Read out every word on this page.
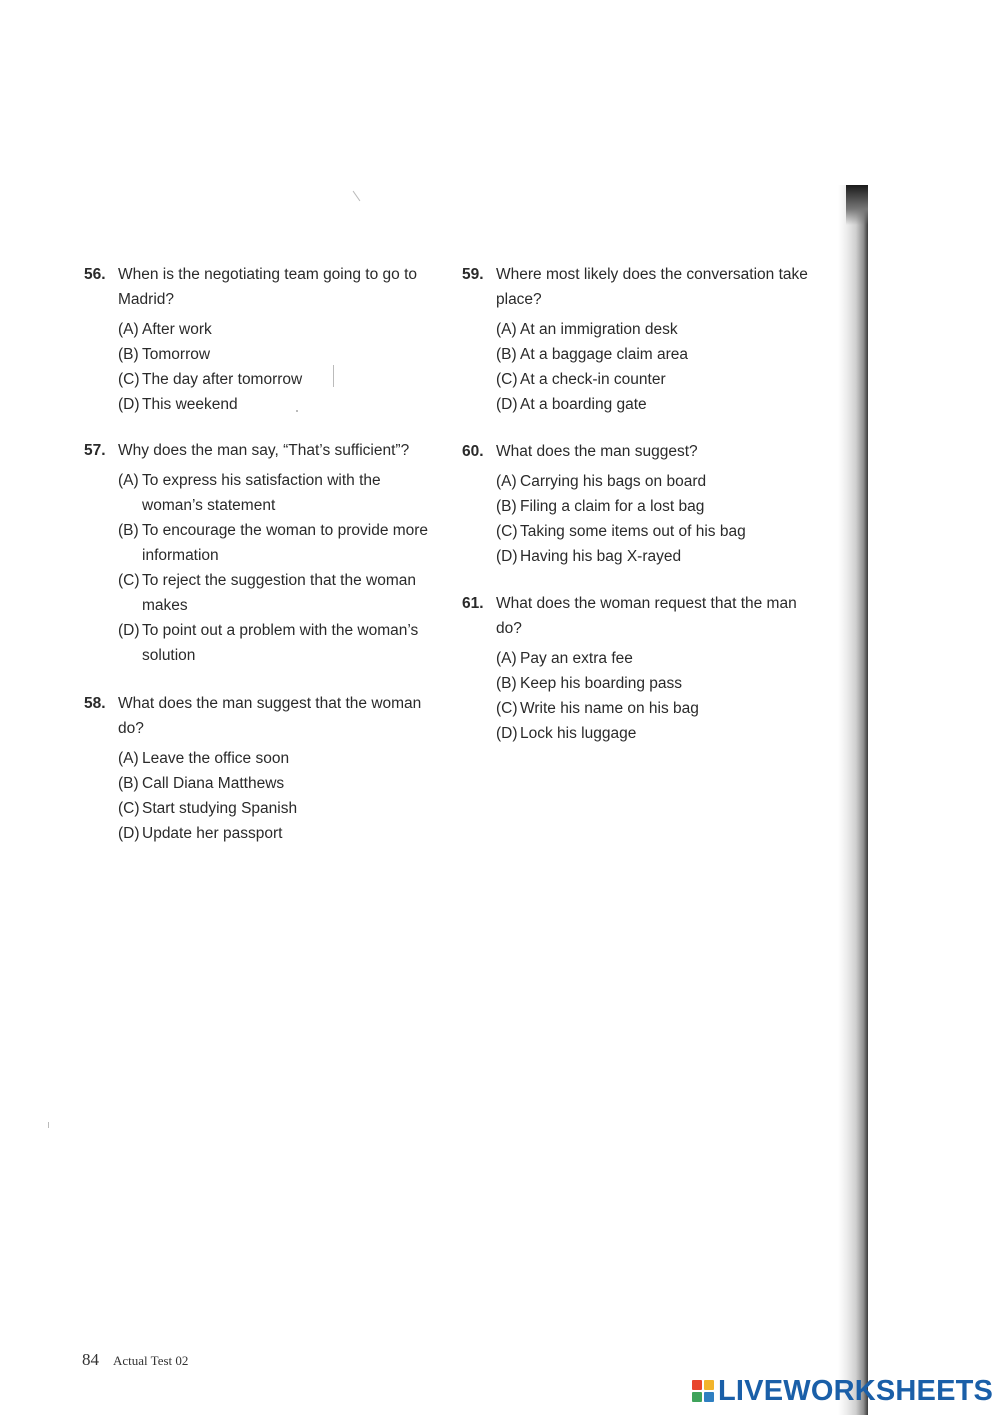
56. When is the negotiating team going to go to Madrid?
(A) After work
(B) Tomorrow
(C) The day after tomorrow
(D) This weekend
57. Why does the man say, “That’s sufficient”?
(A) To express his satisfaction with the woman’s statement
(B) To encourage the woman to provide more information
(C) To reject the suggestion that the woman makes
(D) To point out a problem with the woman’s solution
58. What does the man suggest that the woman do?
(A) Leave the office soon
(B) Call Diana Matthews
(C) Start studying Spanish
(D) Update her passport
59. Where most likely does the conversation take place?
(A) At an immigration desk
(B) At a baggage claim area
(C) At a check-in counter
(D) At a boarding gate
60. What does the man suggest?
(A) Carrying his bags on board
(B) Filing a claim for a lost bag
(C) Taking some items out of his bag
(D) Having his bag X-rayed
61. What does the woman request that the man do?
(A) Pay an extra fee
(B) Keep his boarding pass
(C) Write his name on his bag
(D) Lock his luggage
84 Actual Test 02
LIVEWORKSHEETS
